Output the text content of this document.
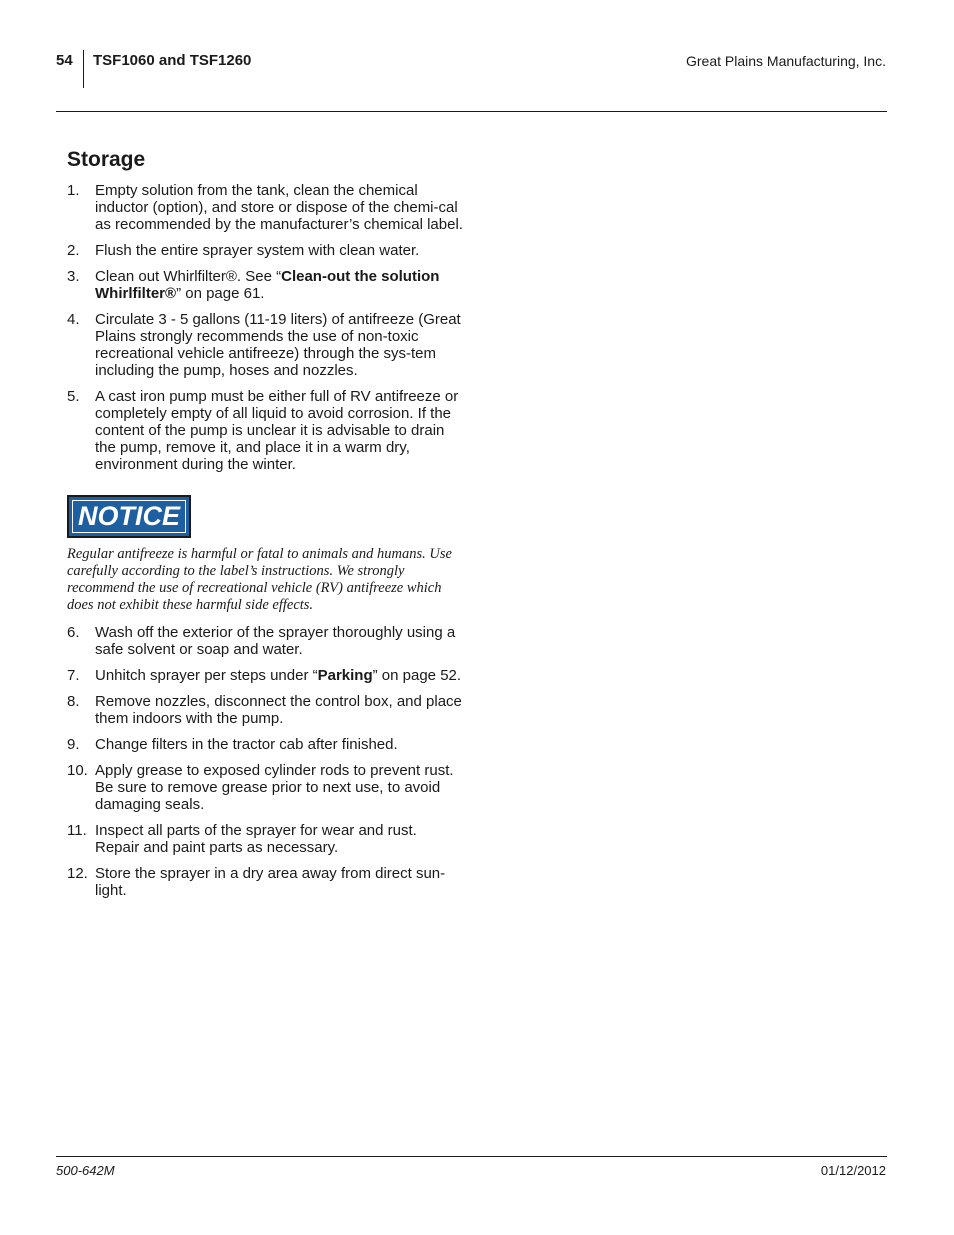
54 TSF1060 and TSF1260	Great Plains Manufacturing, Inc.
Storage
1. Empty solution from the tank, clean the chemical inductor (option), and store or dispose of the chemi-cal as recommended by the manufacturer’s chemical label.
2. Flush the entire sprayer system with clean water.
3. Clean out Whirlfilter®. See “Clean-out the solution Whirlfilter®” on page 61.
4. Circulate 3 - 5 gallons (11-19 liters) of antifreeze (Great Plains strongly recommends the use of non-toxic recreational vehicle antifreeze) through the sys-tem including the pump, hoses and nozzles.
5. A cast iron pump must be either full of RV antifreeze or completely empty of all liquid to avoid corrosion. If the content of the pump is unclear it is advisable to drain the pump, remove it, and place it in a warm dry, environment during the winter.
NOTICE
Regular antifreeze is harmful or fatal to animals and humans. Use carefully according to the label’s instructions. We strongly recommend the use of recreational vehicle (RV) antifreeze which does not exhibit these harmful side effects.
6. Wash off the exterior of the sprayer thoroughly using a safe solvent or soap and water.
7. Unhitch sprayer per steps under “Parking” on page 52.
8. Remove nozzles, disconnect the control box, and place them indoors with the pump.
9. Change filters in the tractor cab after finished.
10. Apply grease to exposed cylinder rods to prevent rust. Be sure to remove grease prior to next use, to avoid damaging seals.
11. Inspect all parts of the sprayer for wear and rust. Repair and paint parts as necessary.
12. Store the sprayer in a dry area away from direct sun-light.
500-642M	01/12/2012
